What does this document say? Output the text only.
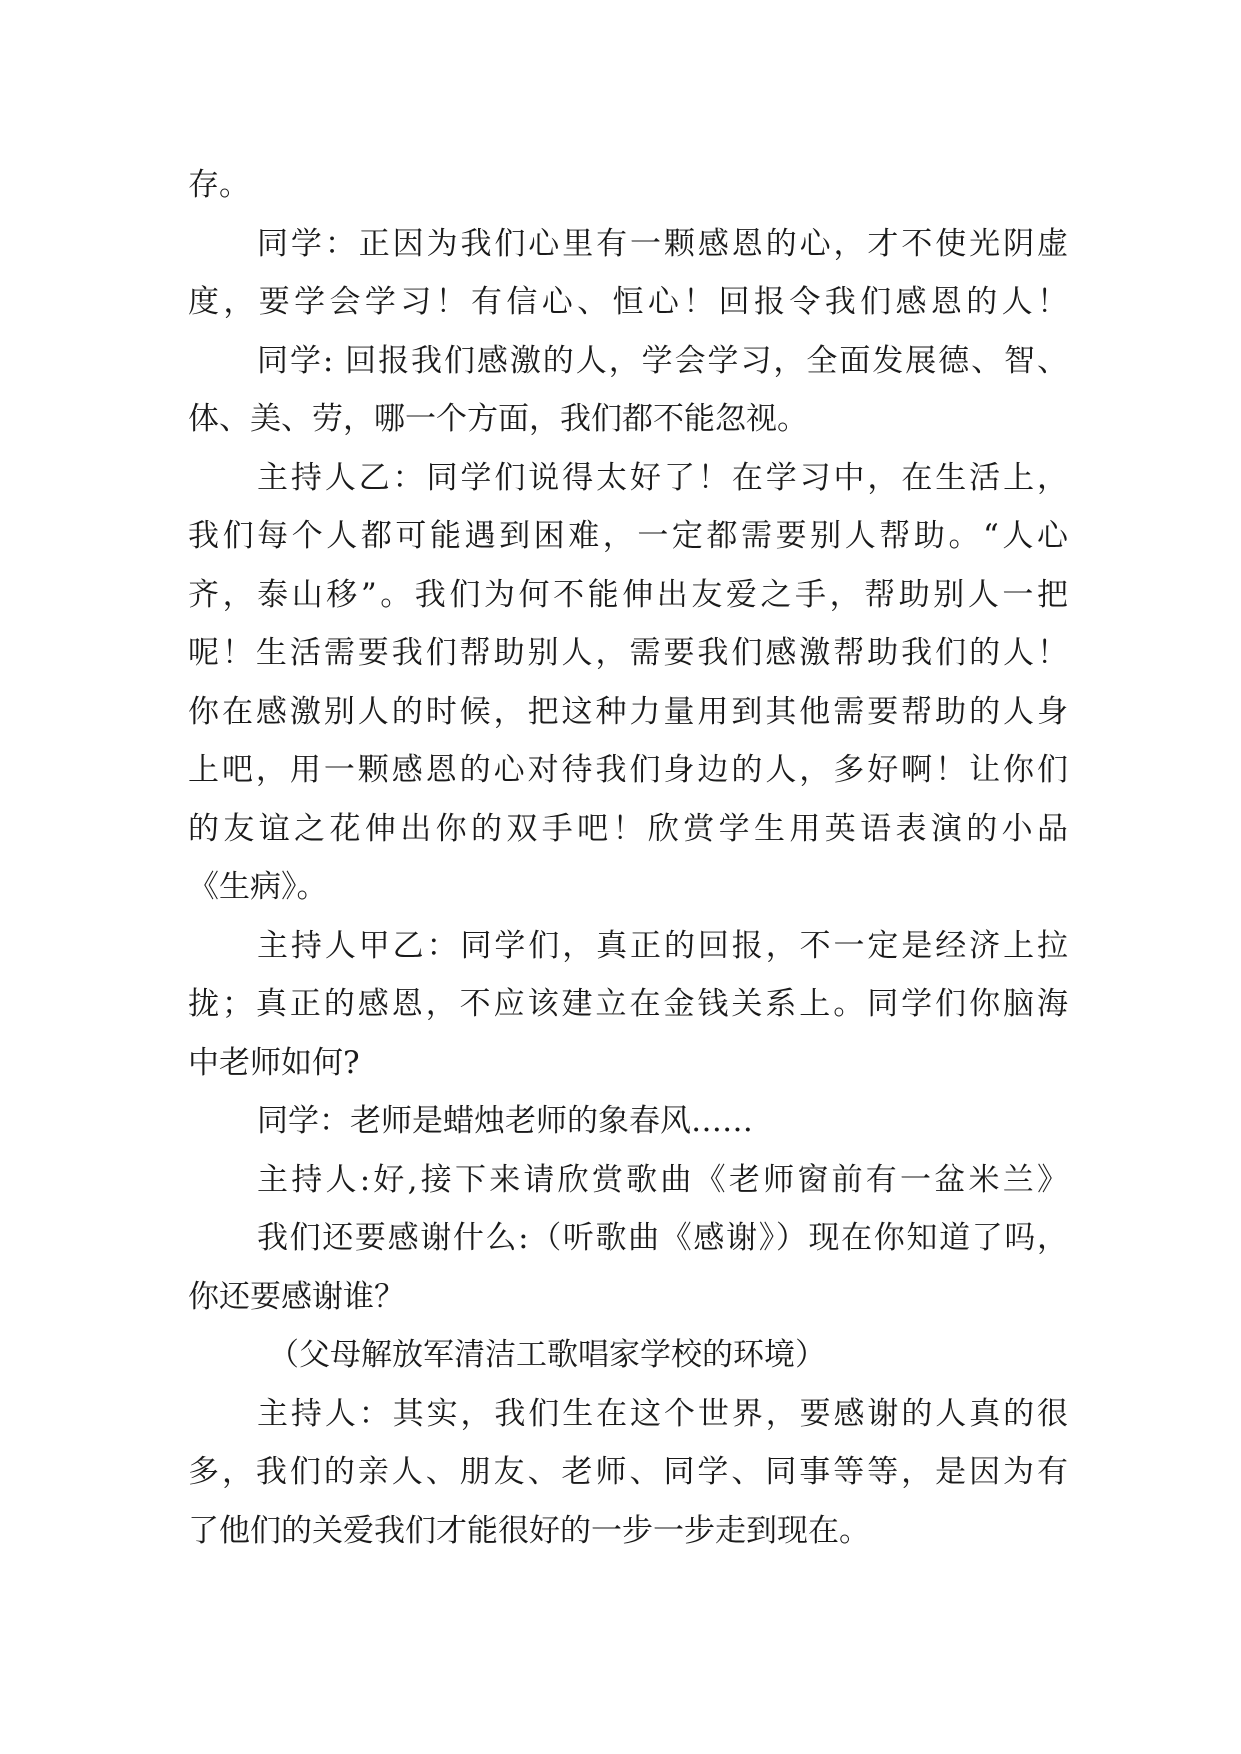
存。
同学：正因为我们心里有一颗感恩的心，才不使光阴虚
度，要学会学习！有信心、恒心！回报令我们感恩的人！
同学: 回报我们感激的人，学会学习，全面发展德、智、
体、美、劳，哪一个方面，我们都不能忽视。
主持人乙：同学们说得太好了！在学习中，在生活上，
我们每个人都可能遇到困难，一定都需要别人帮助。“人心
齐，泰山移”。我们为何不能伸出友爱之手，帮助别人一把
呢！生活需要我们帮助别人，需要我们感激帮助我们的人！
你在感激别人的时候，把这种力量用到其他需要帮助的人身
上吧，用一颗感恩的心对待我们身边的人，多好啊！让你们
的友谊之花伸出你的双手吧！欣赏学生用英语表演的小品
《生病》。
主持人甲乙：同学们，真正的回报，不一定是经济上拉
拢；真正的感恩，不应该建立在金钱关系上。同学们你脑海
中老师如何?
同学：老师是蜡烛老师的象春风……
主持人:好,接下来请欣赏歌曲《老师窗前有一盆米兰》
我们还要感谢什么:（听歌曲《感谢》）现在你知道了吗，
你还要感谢谁？
（父母解放军清洁工歌唱家学校的环境）
主持人：其实，我们生在这个世界，要感谢的人真的很
多，我们的亲人、朋友、老师、同学、同事等等，是因为有
了他们的关爱我们才能很好的一步一步走到现在。
